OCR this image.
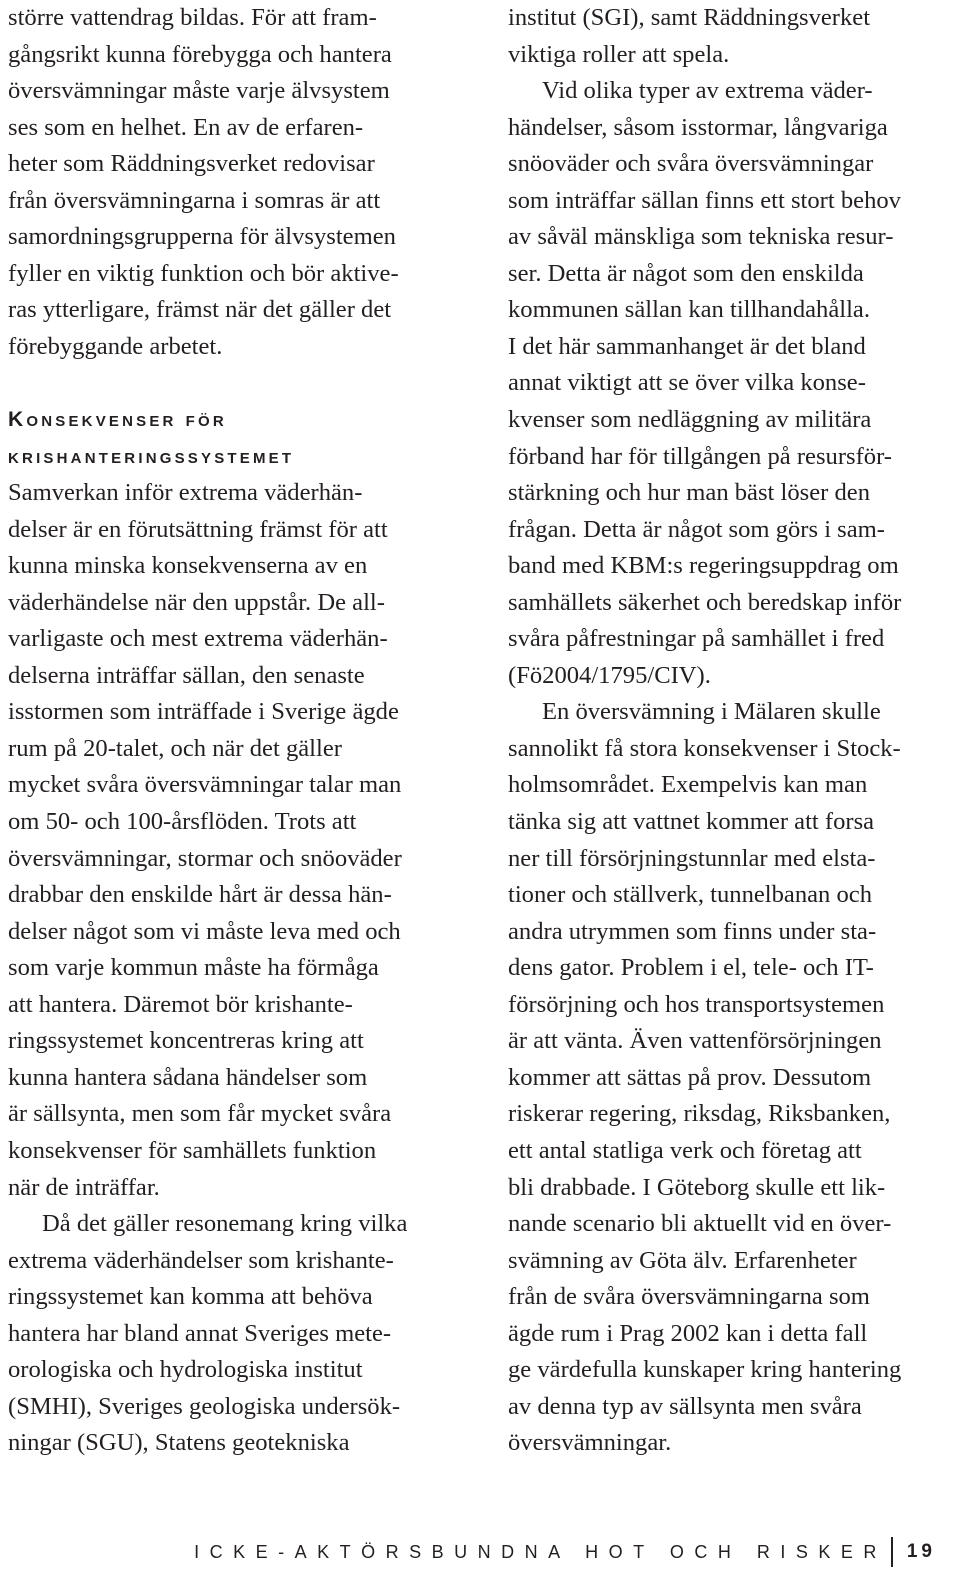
större vattendrag bildas. För att fram-
gångsrikt kunna förebygga och hantera
översvämningar måste varje älvsystem
ses som en helhet. En av de erfaren-
heter som Räddningsverket redovisar
från översvämningarna i somras är att
samordningsgrupperna för älvsystemen
fyller en viktig funktion och bör aktive-
ras ytterligare, främst när det gäller det
förebyggande arbetet.
Konsekvenser för
krishanteringssystemet
Samverkan inför extrema väderhän-
delser är en förutsättning främst för att
kunna minska konsekvenserna av en
väderhändelse när den uppstår. De all-
varligaste och mest extrema väderhän-
delserna inträffar sällan, den senaste
isstormen som inträffade i Sverige ägde
rum på 20-talet, och när det gäller
mycket svåra översvämningar talar man
om 50- och 100-årsflöden. Trots att
översvämningar, stormar och snöoväder
drabbar den enskilde hårt är dessa hän-
delser något som vi måste leva med och
som varje kommun måste ha förmåga
att hantera. Däremot bör krishante-
ringssystemet koncentreras kring att
kunna hantera sådana händelser som
är sällsynta, men som får mycket svåra
konsekvenser för samhällets funktion
när de inträffar.
Då det gäller resonemang kring vilka
extrema väderhändelser som krishante-
ringssystemet kan komma att behöva
hantera har bland annat Sveriges mete-
orologiska och hydrologiska institut
(SMHI), Sveriges geologiska undersök-
ningar (SGU), Statens geotekniska
institut (SGI), samt Räddningsverket
viktiga roller att spela.
Vid olika typer av extrema väder-
händelser, såsom isstormar, långvariga
snöoväder och svåra översvämningar
som inträffar sällan finns ett stort behov
av såväl mänskliga som tekniska resur-
ser. Detta är något som den enskilda
kommunen sällan kan tillhandahålla.
I det här sammanhanget är det bland
annat viktigt att se över vilka konse-
kvenser som nedläggning av militära
förband har för tillgången på resursför-
stärkning och hur man bäst löser den
frågan. Detta är något som görs i sam-
band med KBM:s regeringsuppdrag om
samhällets säkerhet och beredskap inför
svåra påfrestningar på samhället i fred
(Fö2004/1795/CIV).
En översvämning i Mälaren skulle
sannolikt få stora konsekvenser i Stock-
holmsområdet. Exempelvis kan man
tänka sig att vattnet kommer att forsa
ner till försörjningstunnlar med elsta-
tioner och ställverk, tunnelbanan och
andra utrymmen som finns under sta-
dens gator. Problem i el, tele- och IT-
försörjning och hos transportsystemen
är att vänta. Även vattenförsörjningen
kommer att sättas på prov. Dessutom
riskerar regering, riksdag, Riksbanken,
ett antal statliga verk och företag att
bli drabbade. I Göteborg skulle ett lik-
nande scenario bli aktuellt vid en över-
svämning av Göta älv. Erfarenheter
från de svåra översvämningarna som
ägde rum i Prag 2002 kan i detta fall
ge värdefulla kunskaper kring hantering
av denna typ av sällsynta men svåra
översvämningar.
ICKE-AKTÖRSBUNDNA HOT OCH RISKER 19
